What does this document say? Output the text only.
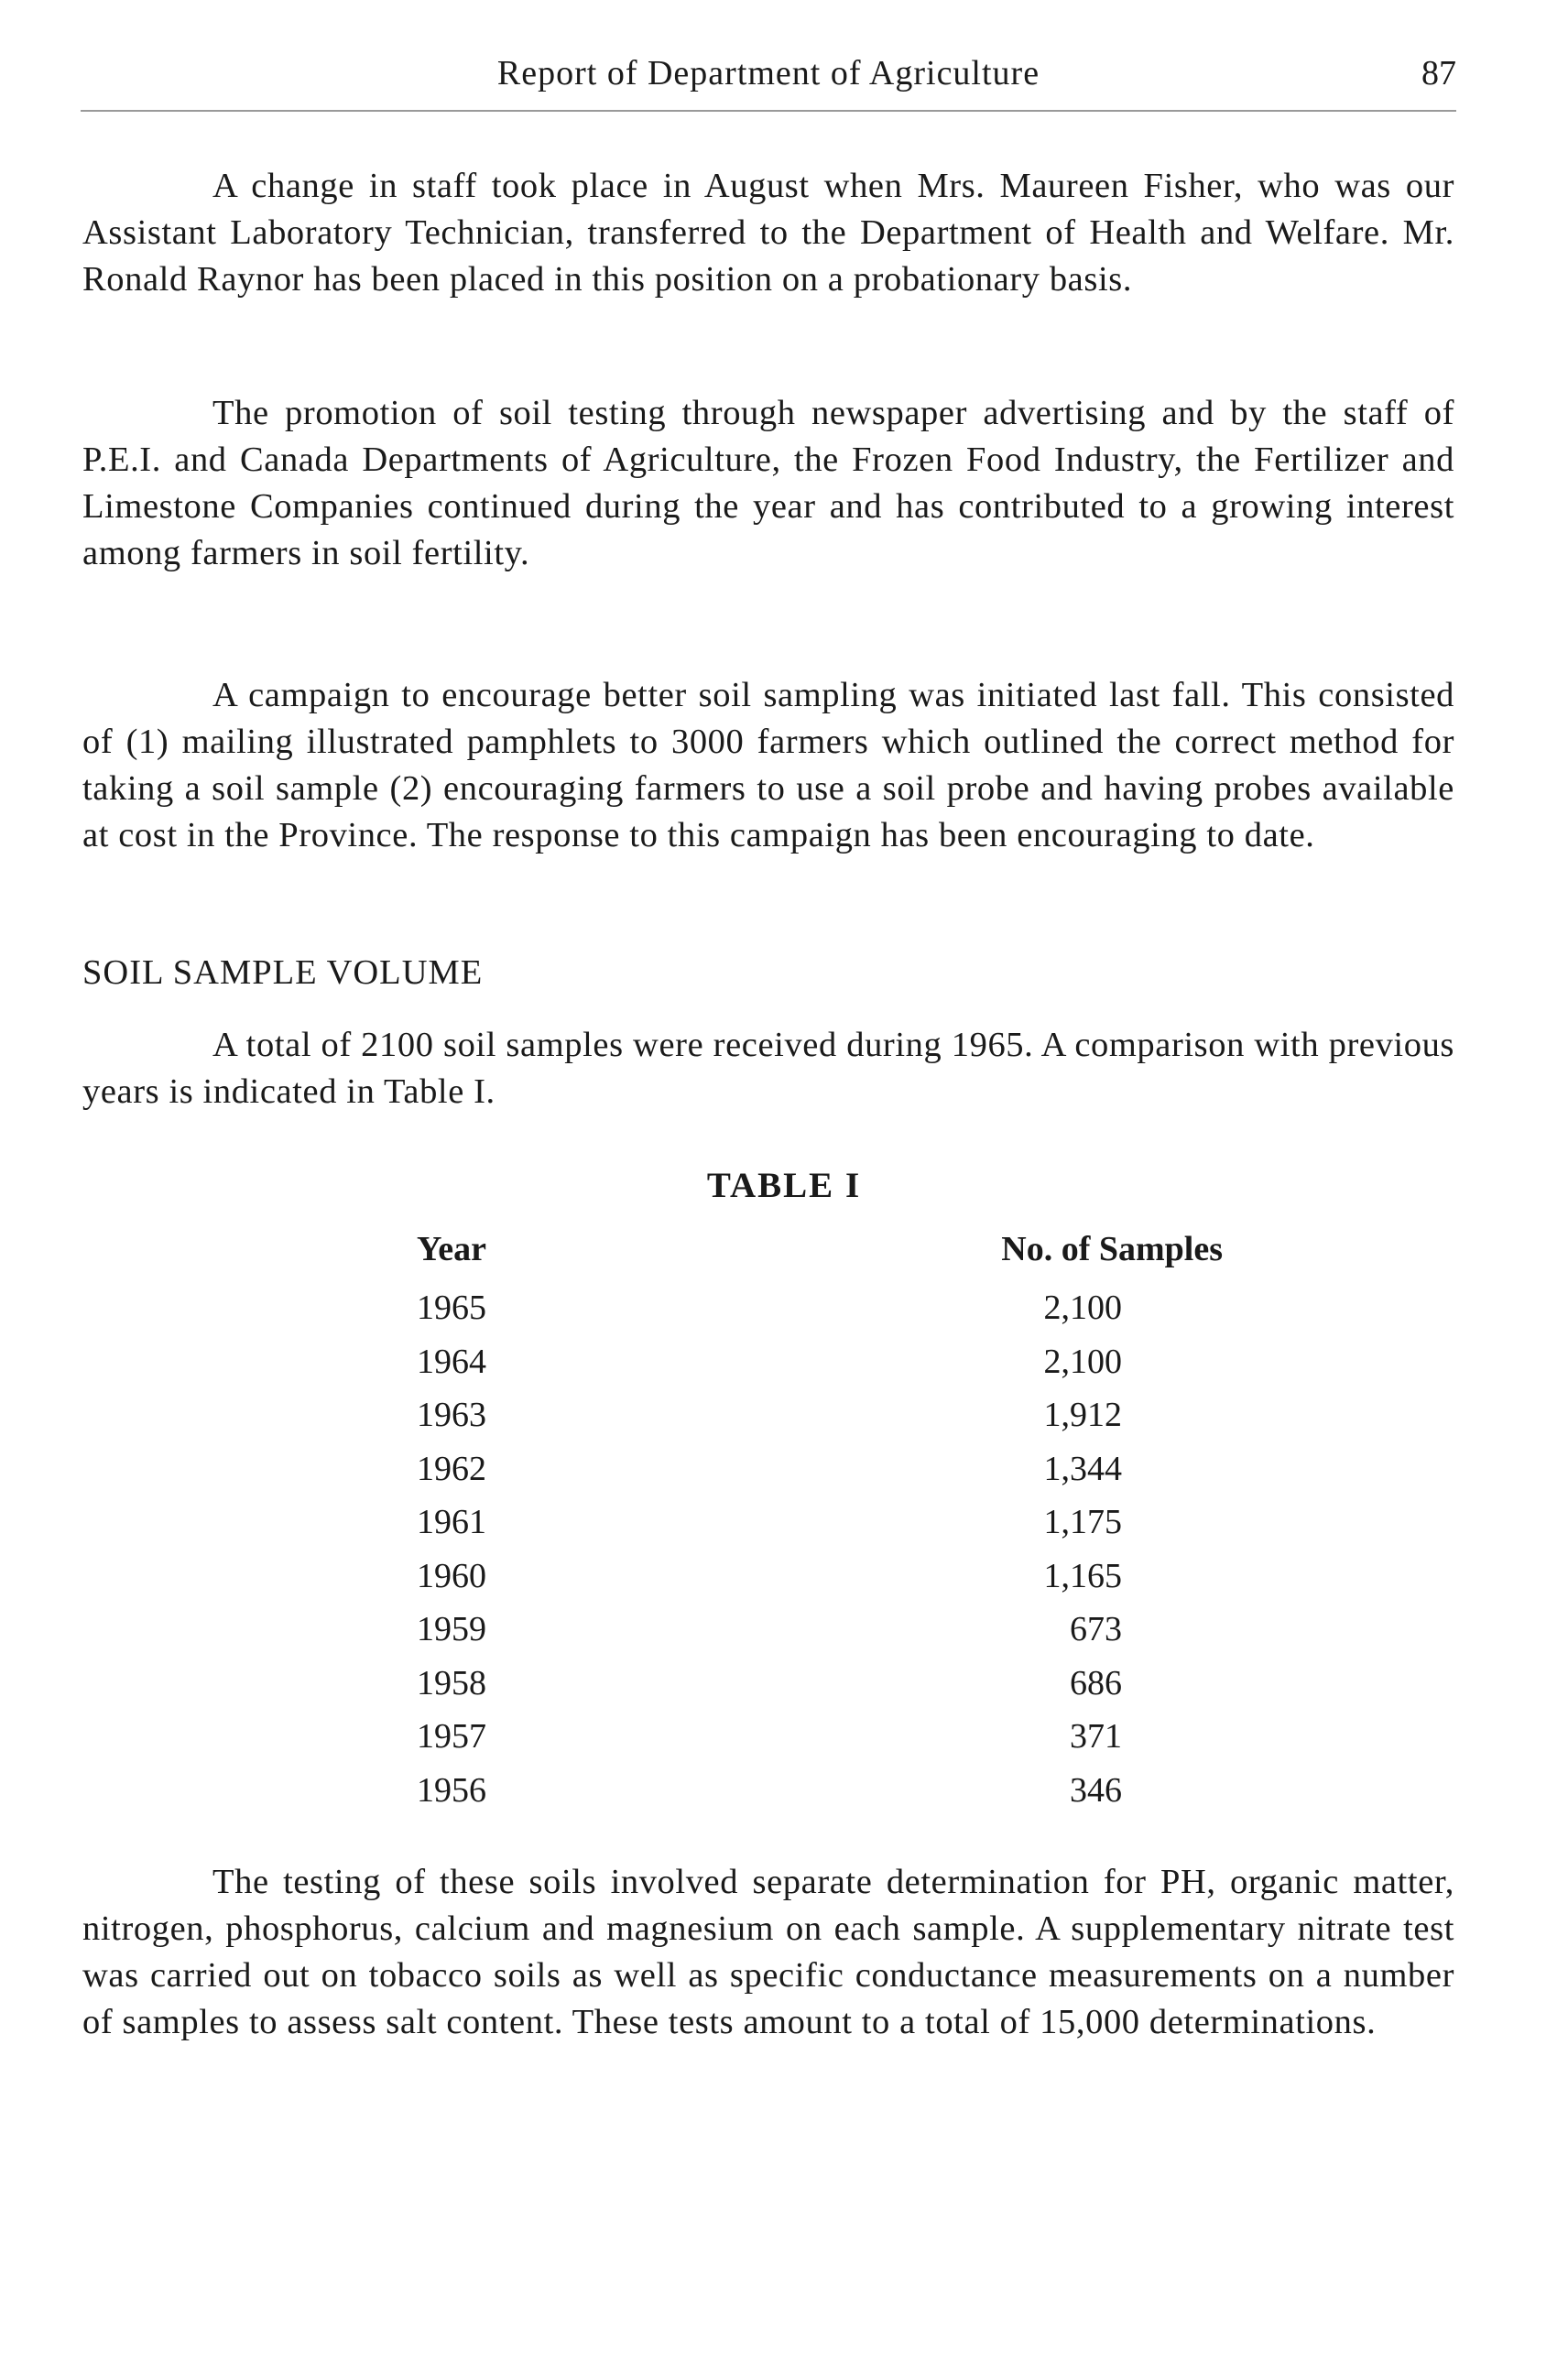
Report of Department of Agriculture	87

A change in staff took place in August when Mrs. Maureen Fisher, who was our Assistant Laboratory Technician, transferred to the Department of Health and Welfare. Mr. Ronald Raynor has been placed in this position on a probationary basis.

The promotion of soil testing through newspaper advertising and by the staff of P.E.I. and Canada Departments of Agriculture, the Frozen Food Industry, the Fertilizer and Limestone Companies continued during the year and has contributed to a growing interest among farmers in soil fertility.

A campaign to encourage better soil sampling was initiated last fall. This consisted of (1) mailing illustrated pamphlets to 3000 farmers which outlined the correct method for taking a soil sample (2) encouraging farmers to use a soil probe and having probes available at cost in the Province. The response to this campaign has been encouraging to date.

SOIL SAMPLE VOLUME

A total of 2100 soil samples were received during 1965. A comparison with previous years is indicated in Table I.

TABLE I
Year	No. of Samples
1965	2,100
1964	2,100
1963	1,912
1962	1,344
1961	1,175
1960	1,165
1959	673
1958	686
1957	371
1956	346

The testing of these soils involved separate determination for PH, organic matter, nitrogen, phosphorus, calcium and magnesium on each sample. A supplementary nitrate test was carried out on tobacco soils as well as specific conductance measurements on a number of samples to assess salt content. These tests amount to a total of 15,000 determinations.
